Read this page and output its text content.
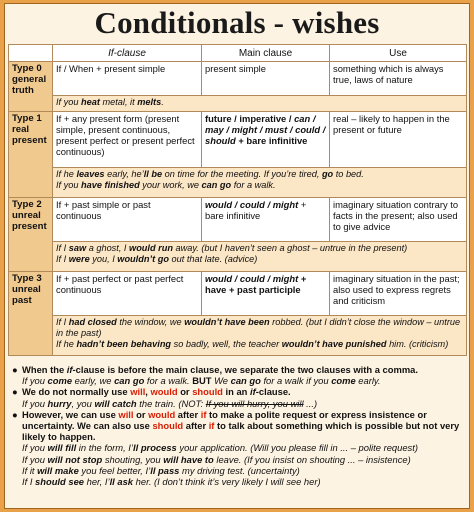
Conditionals - wishes
	If-clause	Main clause	Use
Type 0 general truth	If / When + present simple	present simple	something which is always true, laws of nature
	If you heat metal, it melts.		
Type 1 real present	If + any present form (present simple, present continuous, present perfect or present perfect continuous)	future / imperative / can / may / might / must / could / should + bare infinitive	real – likely to happen in the present or future
	If he leaves early, he’ll be on time for the meeting. If you’re tired, go to bed.
If you have finished your work, we can go for a walk.		
Type 2 unreal present	If + past simple or past continuous	would / could / might + bare infinitive	imaginary situation contrary to facts in the present; also used to give advice
	If I saw a ghost, I would run away. (but I haven’t seen a ghost – untrue in the present)
If I were you, I wouldn’t go out that late. (advice)		
Type 3 unreal past	If + past perfect or past perfect continuous	would / could / might + have + past participle	imaginary situation in the past; also used to express regrets and criticism
	If I had closed the window, we wouldn’t have been robbed. (but I didn’t close the window – untrue in the past)
If he hadn’t been behaving so badly, well, the teacher wouldn’t have punished him. (criticism)		
● When the if-clause is before the main clause, we separate the two clauses with a comma.
If you come early, we can go for a walk. BUT We can go for a walk if you come early.
● We do not normally use will, would or should in an if-clause.
If you hurry, you will catch the train. (NOT: If you will hurry, you will ...)
● However, we can use will or would after if to make a polite request or express insistence or uncertainty. We can also use should after if to talk about something which is possible but not very likely to happen.
If you will fill in the form, I’ll process your application. (Will you please fill in ... – polite request)
If you will not stop shouting, you will have to leave. (If you insist on shouting ... – insistence)
If it will make you feel better, I’ll pass my driving test. (uncertainty)
If I should see her, I’ll ask her. (I don’t think it’s very likely I will see her)
